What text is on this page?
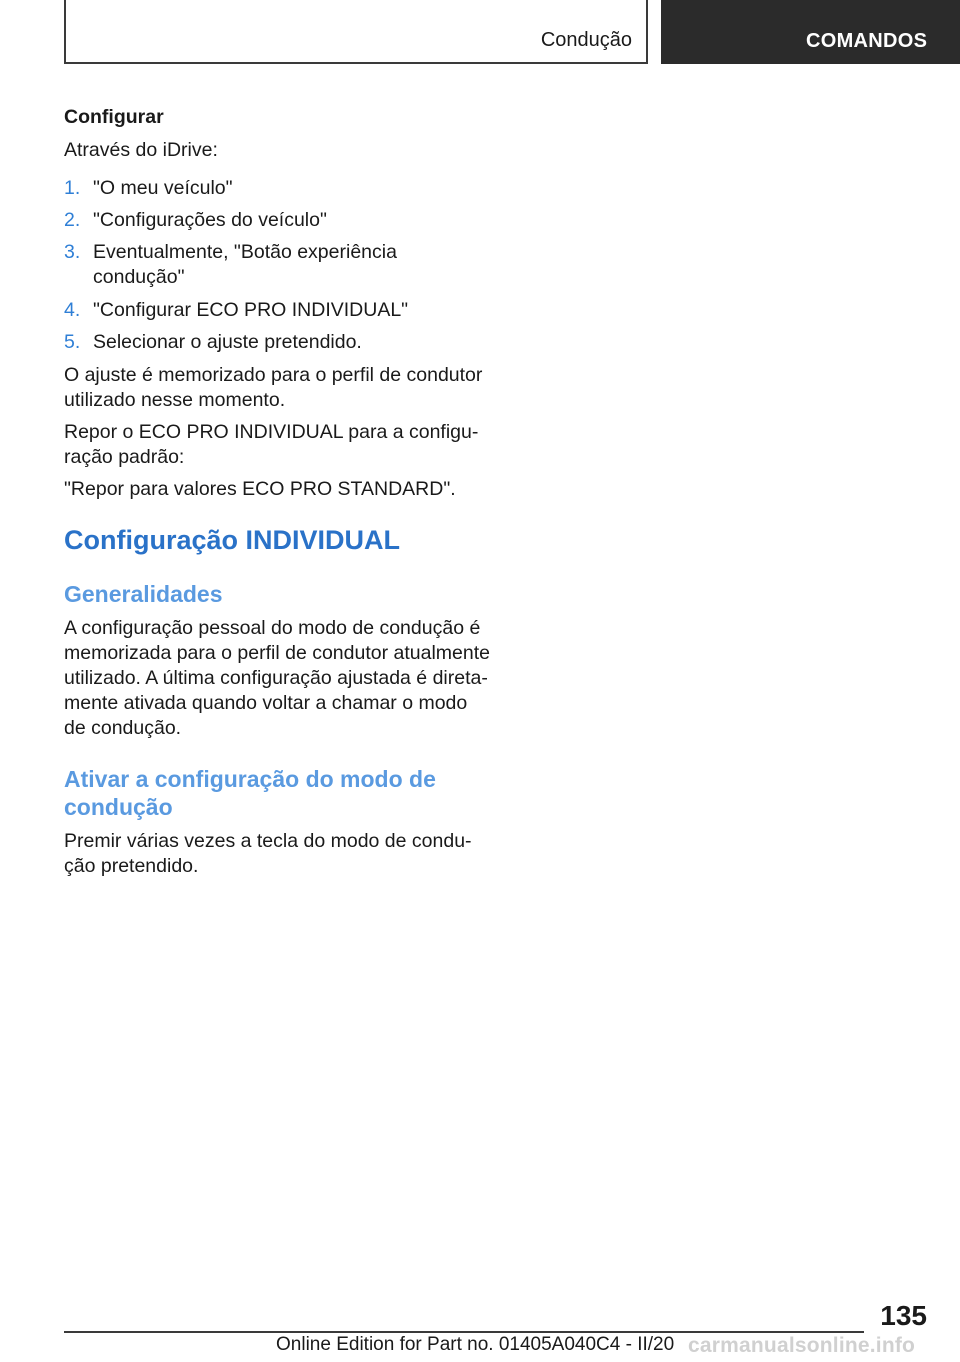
Condução	COMANDOS
Configurar
Através do iDrive:
1. "O meu veículo"
2. "Configurações do veículo"
3. Eventualmente, "Botão experiência
condução"
4. "Configurar ECO PRO INDIVIDUAL"
5. Selecionar o ajuste pretendido.
O ajuste é memorizado para o perfil de condutor
utilizado nesse momento.
Repor o ECO PRO INDIVIDUAL para a configu-
ração padrão:
"Repor para valores ECO PRO STANDARD".
Configuração INDIVIDUAL
Generalidades
A configuração pessoal do modo de condução é
memorizada para o perfil de condutor atualmente
utilizado. A última configuração ajustada é direta-
mente ativada quando voltar a chamar o modo
de condução.
Ativar a configuração do modo de
condução
Premir várias vezes a tecla do modo de condu-
ção pretendido.
135
Online Edition for Part no. 01405A040C4 - II/20 carmanualsonline.info
